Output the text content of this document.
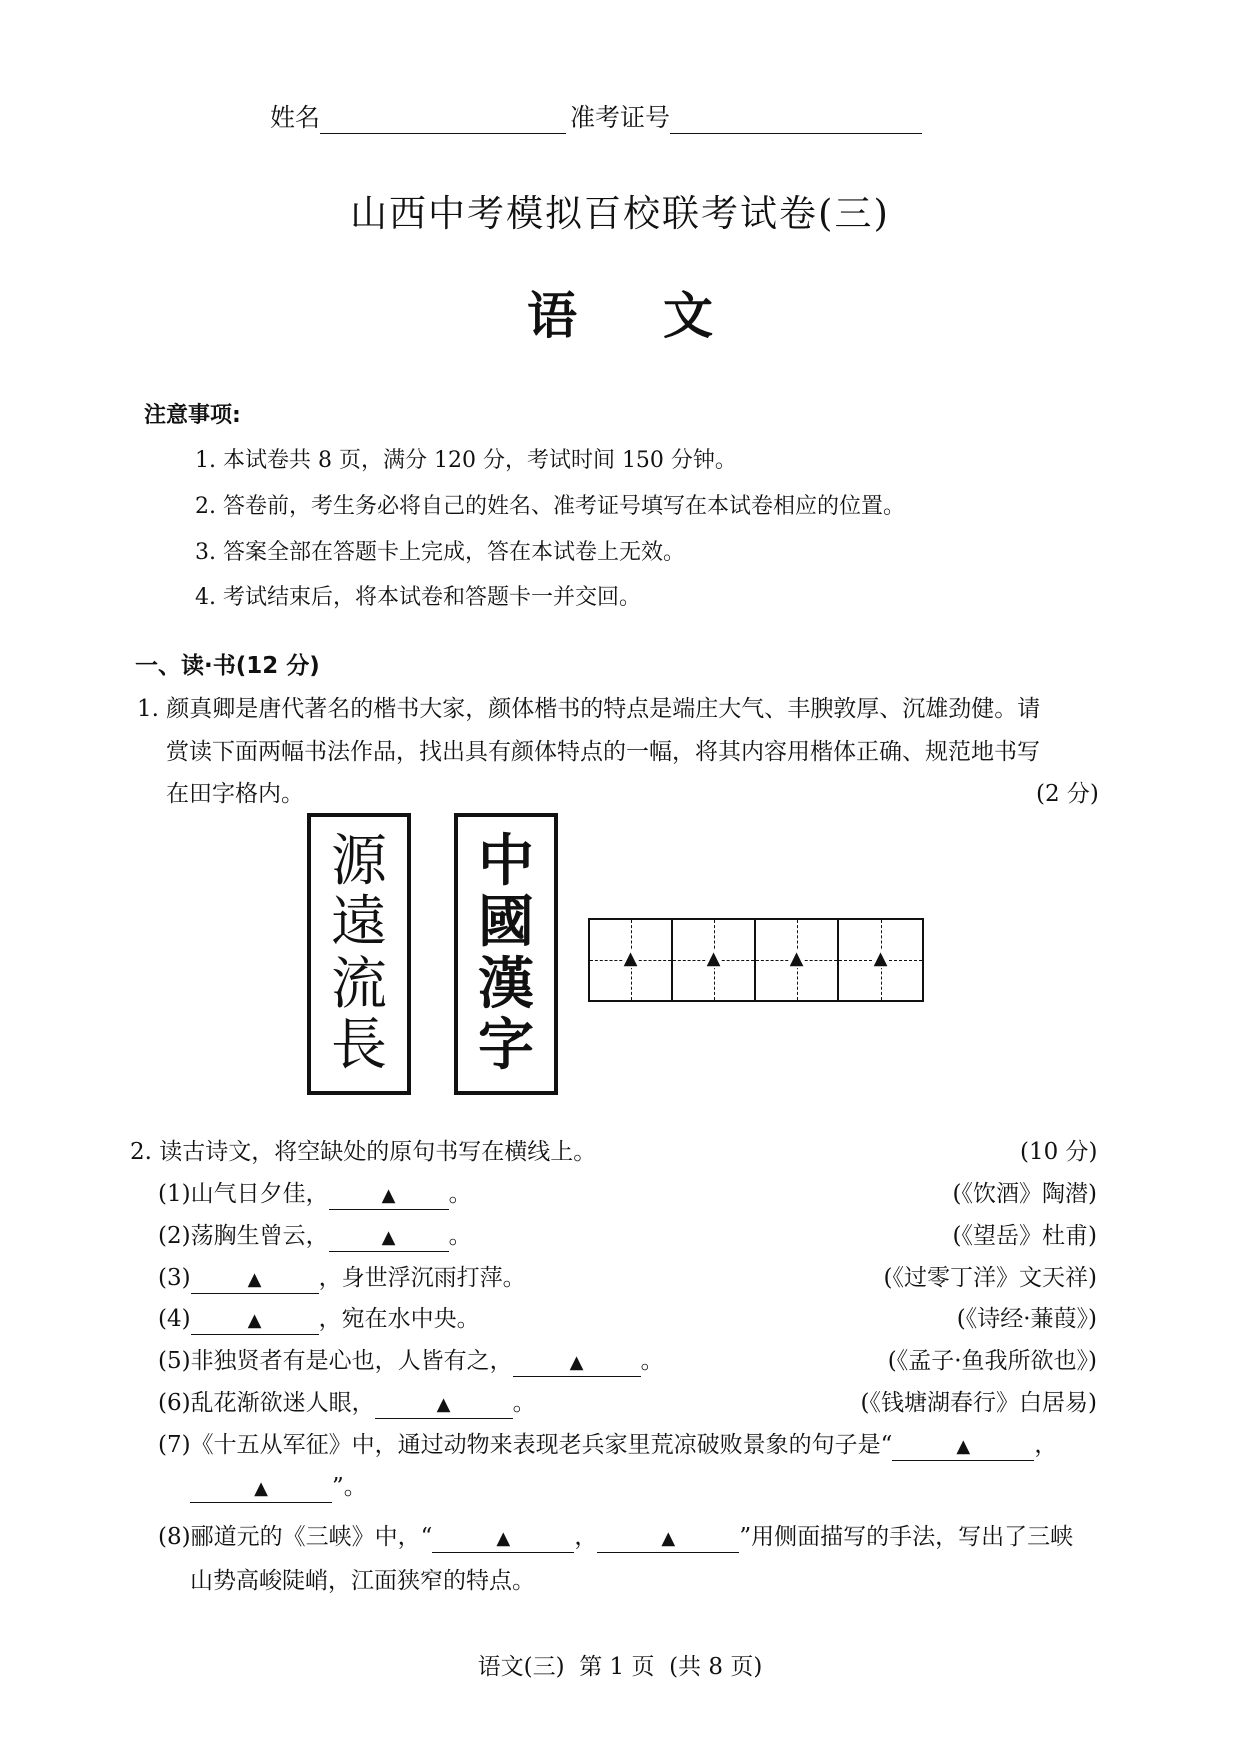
姓名	准考证号
山西中考模拟百校联考试卷(三)
语文
注意事项:
1. 本试卷共 8 页，满分 120 分，考试时间 150 分钟。
2. 答卷前，考生务必将自己的姓名、准考证号填写在本试卷相应的位置。
3. 答案全部在答题卡上完成，答在本试卷上无效。
4. 考试结束后，将本试卷和答题卡一并交回。
一、读·书(12 分)
1. 颜真卿是唐代著名的楷书大家，颜体楷书的特点是端庄大气、丰腴敦厚、沉雄劲健。请
赏读下面两幅书法作品，找出具有颜体特点的一幅，将其内容用楷体正确、规范地书写
在田字格内。	(2 分)
源
遠
流
長
中
國
漢
字
▲	▲	▲	▲
2. 读古诗文，将空缺处的原句书写在横线上。	(10 分)
(1)山气日夕佳，	▲ 。	(《饮酒》陶潜)
(2)荡胸生曾云，	▲ 。	(《望岳》杜甫)
(3)	▲ ，身世浮沉雨打萍。	(《过零丁洋》文天祥)
(4)	▲ ，宛在水中央。	(《诗经·蒹葭》)
(5)非独贤者有是心也，人皆有之，	▲ 。	(《孟子·鱼我所欲也》)
(6)乱花渐欲迷人眼，	▲	。	(《钱塘湖春行》白居易)
(7)《十五从军征》中，通过动物来表现老兵家里荒凉破败景象的句子是“	▲	，
▲	”。
(8)郦道元的《三峡》中，“	▲	，	▲	”用侧面描写的手法，写出了三峡
山势高峻陡峭，江面狭窄的特点。
语文(三)  第 1 页  (共 8 页)
